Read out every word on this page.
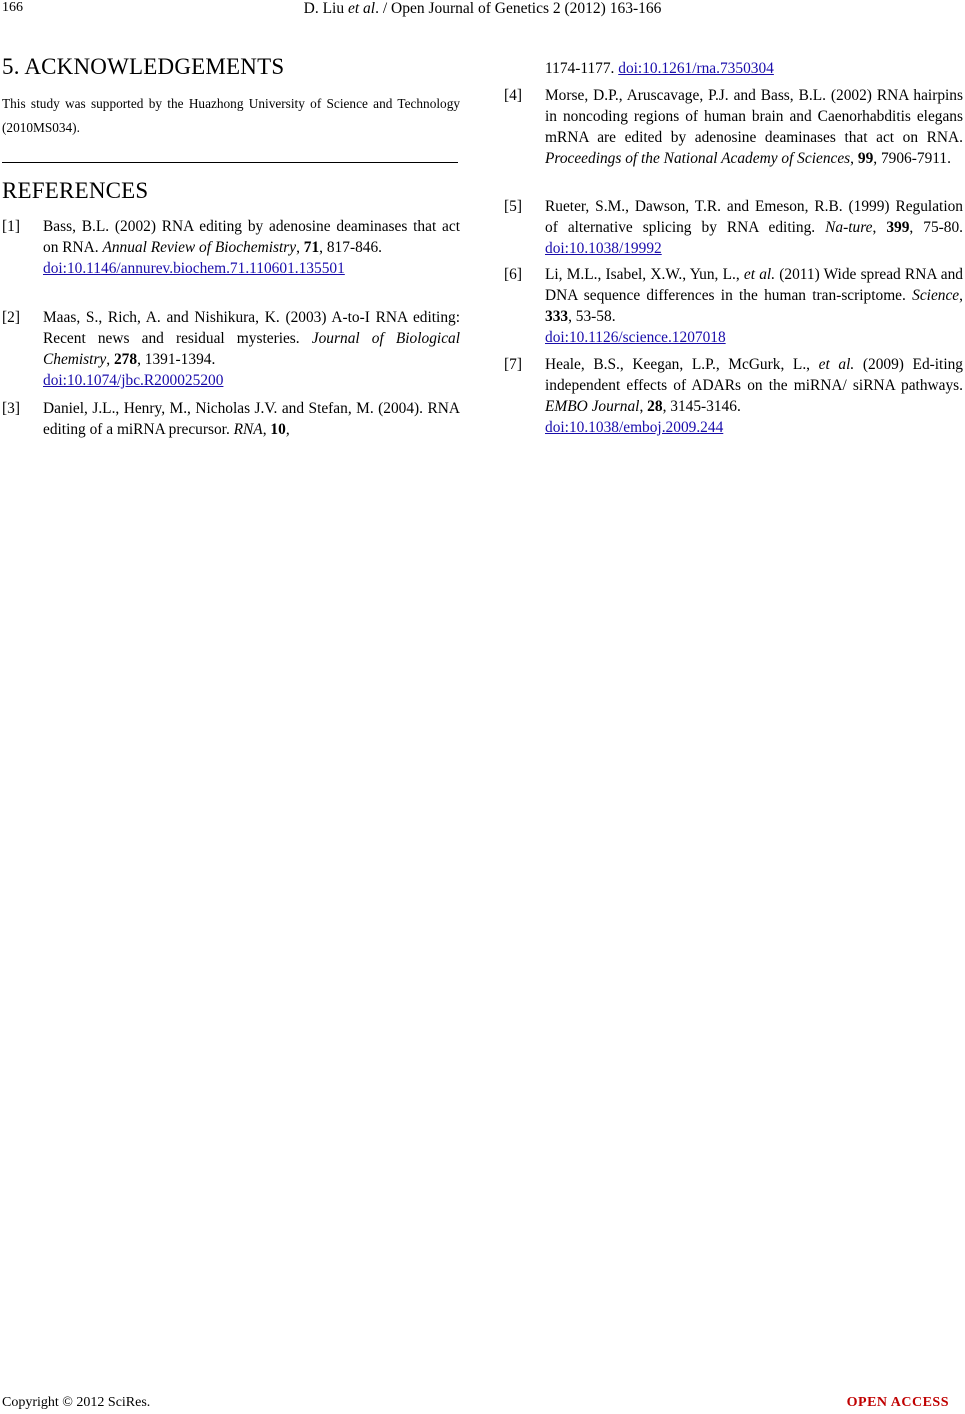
166	D. Liu et al. / Open Journal of Genetics 2 (2012) 163-166
5. ACKNOWLEDGEMENTS
This study was supported by the Huazhong University of Science and Technology (2010MS034).
REFERENCES
[1] Bass, B.L. (2002) RNA editing by adenosine deaminases that act on RNA. Annual Review of Biochemistry, 71, 817-846.
doi:10.1146/annurev.biochem.71.110601.135501
[2] Maas, S., Rich, A. and Nishikura, K. (2003) A-to-I RNA editing: Recent news and residual mysteries. Journal of Biological Chemistry, 278, 1391-1394.
doi:10.1074/jbc.R200025200
[3] Daniel, J.L., Henry, M., Nicholas J.V. and Stefan, M. (2004). RNA editing of a miRNA precursor. RNA, 10,
1174-1177. doi:10.1261/rna.7350304
[4] Morse, D.P., Aruscavage, P.J. and Bass, B.L. (2002) RNA hairpins in noncoding regions of human brain and Caenorhabditis elegans mRNA are edited by adenosine deaminases that act on RNA. Proceedings of the National Academy of Sciences, 99, 7906-7911.
[5] Rueter, S.M., Dawson, T.R. and Emeson, R.B. (1999) Regulation of alternative splicing by RNA editing. Na-ture, 399, 75-80. doi:10.1038/19992
[6] Li, M.L., Isabel, X.W., Yun, L., et al. (2011) Wide spread RNA and DNA sequence differences in the human tran-scriptome. Science, 333, 53-58.
doi:10.1126/science.1207018
[7] Heale, B.S., Keegan, L.P., McGurk, L., et al. (2009) Ed-iting independent effects of ADARs on the miRNA/ siRNA pathways. EMBO Journal, 28, 3145-3146.
doi:10.1038/emboj.2009.244
Copyright © 2012 SciRes.	OPEN ACCESS
